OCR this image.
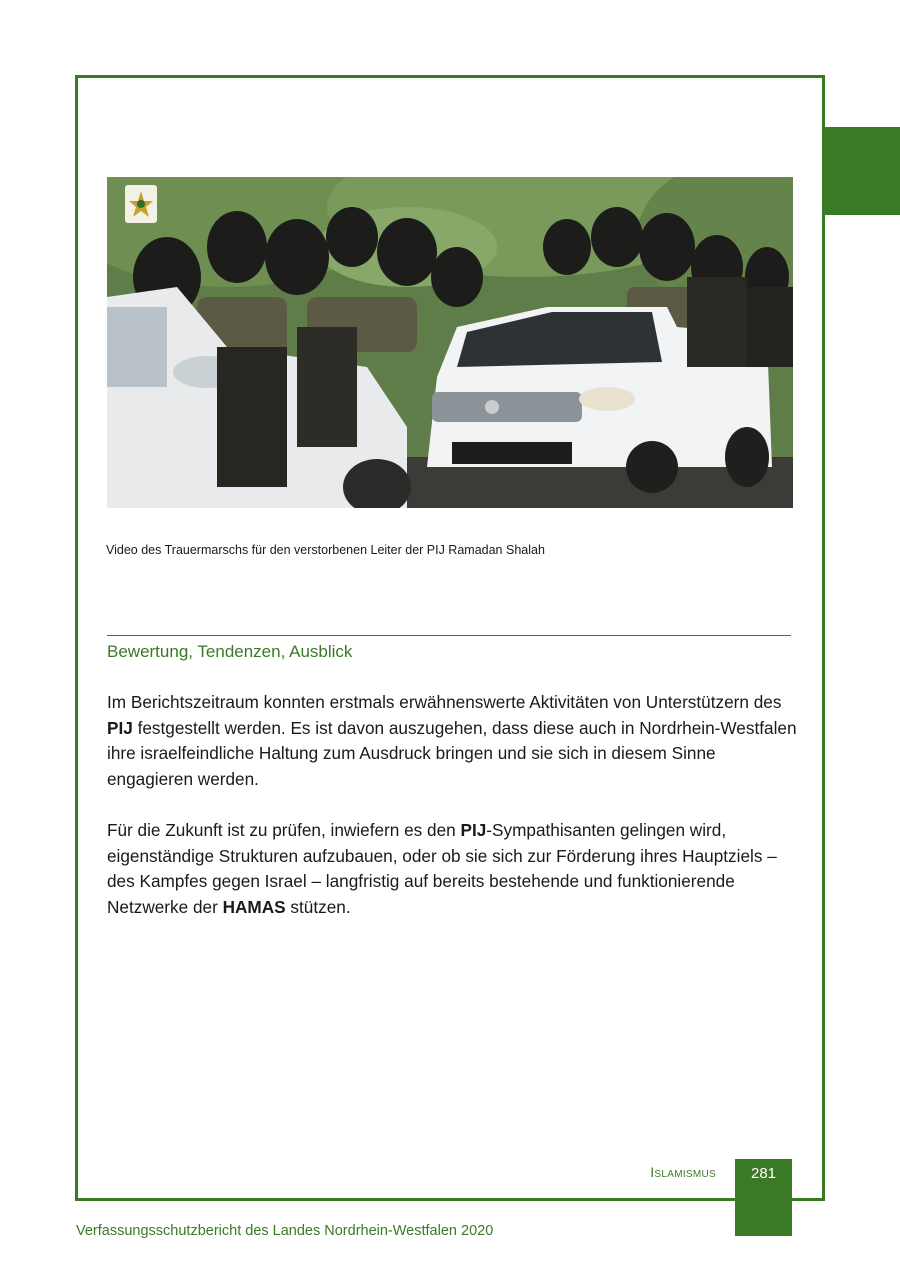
Video des Trauermarschs für den verstorbenen Leiter der PIJ Ramadan Shalah
Bewertung, Tendenzen, Ausblick

Im Berichtszeitraum konnten erstmals erwähnenswerte Aktivitäten von Unterstützern des PIJ festgestellt werden. Es ist davon auszugehen, dass diese auch in Nordrhein-Westfalen ihre israelfeindliche Haltung zum Ausdruck bringen und sie sich in diesem Sinne engagieren werden.

Für die Zukunft ist zu prüfen, inwiefern es den PIJ-Sympathisanten gelingen wird, eigenständige Strukturen aufzubauen, oder ob sie sich zur Förderung ihres Hauptziels – des Kampfes gegen Israel – langfristig auf bereits bestehende und funktionierende Netzwerke der HAMAS stützen.

Islamismus	281
Verfassungsschutzbericht des Landes Nordrhein-Westfalen 2020
